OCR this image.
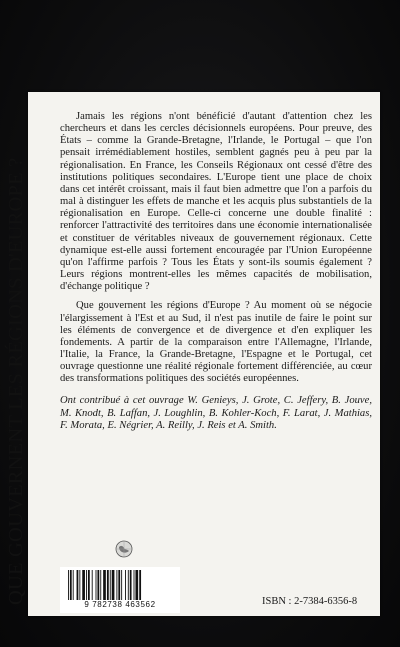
QUE GOUVERNENT LES RÉGIONS D'EUROPE ?

Jamais les régions n'ont bénéficié d'autant d'attention chez les chercheurs et dans les cercles décisionnels européens. Pour preuve, des États – comme la Grande-Bretagne, l'Irlande, le Portugal – que l'on pensait irrémédiablement hostiles, semblent gagnés peu à peu par la régionalisation. En France, les Conseils Régionaux ont cessé d'être des institutions politiques secondaires. L'Europe tient une place de choix dans cet intérêt croissant, mais il faut bien admettre que l'on a parfois du mal à distinguer les effets de manche et les acquis plus substantiels de la régionalisation en Europe. Celle-ci concerne une double finalité : renforcer l'attractivité des territoires dans une économie internationalisée et constituer de véritables niveaux de gouvernement régionaux. Cette dynamique est-elle aussi fortement encouragée par l'Union Européenne qu'on l'affirme parfois ? Tous les États y sont-ils soumis également ? Leurs régions montrent-elles les mêmes capacités de mobilisation, d'échange politique ?

Que gouvernent les régions d'Europe ? Au moment où se négocie l'élargissement à l'Est et au Sud, il n'est pas inutile de faire le point sur les éléments de convergence et de divergence et d'en expliquer les fondements. A partir de la comparaison entre l'Allemagne, l'Irlande, l'Italie, la France, la Grande-Bretagne, l'Espagne et le Portugal, cet ouvrage questionne une réalité régionale fortement différenciée, au cœur des transformations politiques des sociétés européennes.

Ont contribué à cet ouvrage W. Genieys, J. Grote, C. Jeffery, B. Jouve, M. Knodt, B. Laffan, J. Loughlin, B. Kohler-Koch, F. Larat, J. Mathias, F. Morata, E. Négrier, A. Reilly, J. Reis et A. Smith.

9 782738 463562	ISBN : 2-7384-6356-8
